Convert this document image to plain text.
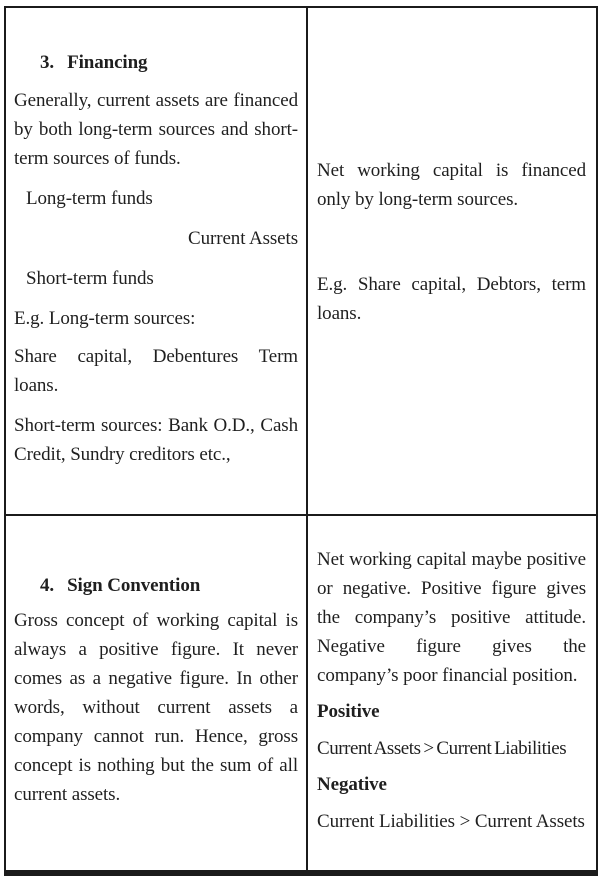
3. Financing

Generally, current assets are financed by both long-term sources and short-term sources of funds.

Long-term funds

Current Assets

Short-term funds

E.g. Long-term sources:

Share capital, Debentures Term loans.

Short-term sources: Bank O.D., Cash Credit, Sundry creditors etc.,

Net working capital is financed only by long-term sources.

E.g. Share capital, Debtors, term loans.

4. Sign Convention

Gross concept of working capital is always a positive figure. It never comes as a negative figure. In other words, without current assets a company cannot run. Hence, gross concept is nothing but the sum of all current assets.

Net working capital maybe positive or negative. Positive figure gives the company’s positive attitude. Negative figure gives the company’s poor financial position.

Positive

Current Assets > Current Liabilities

Negative

Current Liabilities > Current Assets
